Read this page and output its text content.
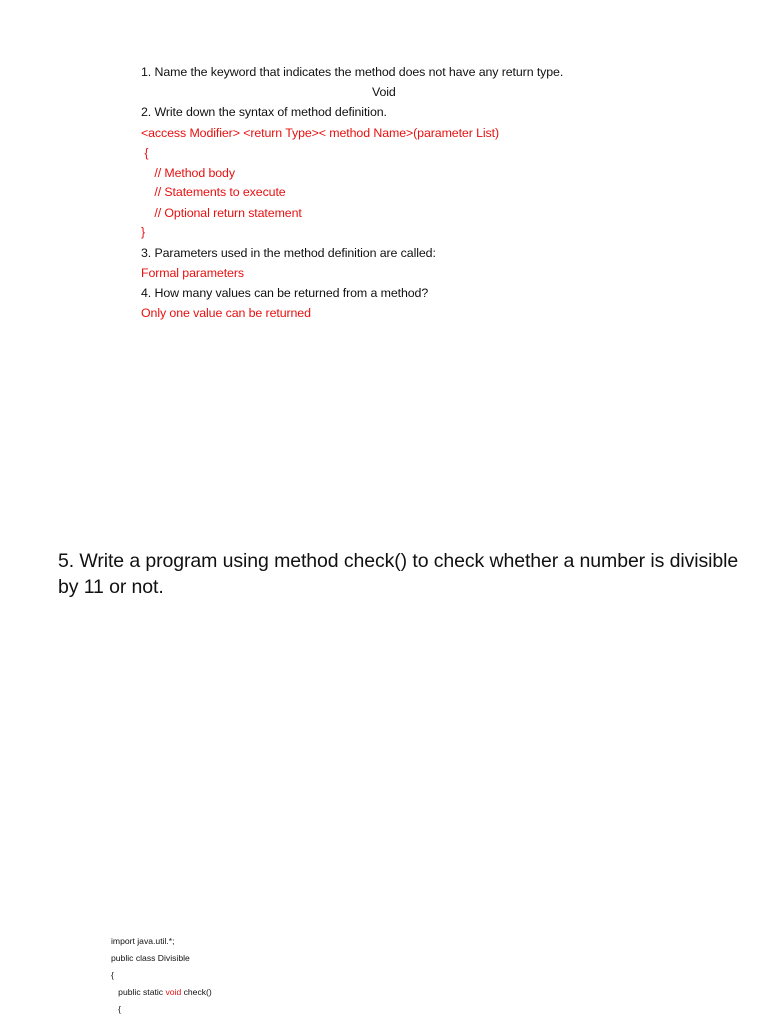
1. Name the keyword that indicates the method does not have any return type.
Void
2. Write down the syntax of method definition.
<access Modifier> <return Type>< method Name>(parameter List)
{
// Method body
// Statements to execute
// Optional return statement
}
3. Parameters used in the method definition are called:
Formal parameters
4. How many values can be returned from a method?
Only one value can be returned
5. Write a program using method check() to check whether a number is divisible by 11 or not.
import java.util.*;
public class Divisible
{
public static void check()
{
